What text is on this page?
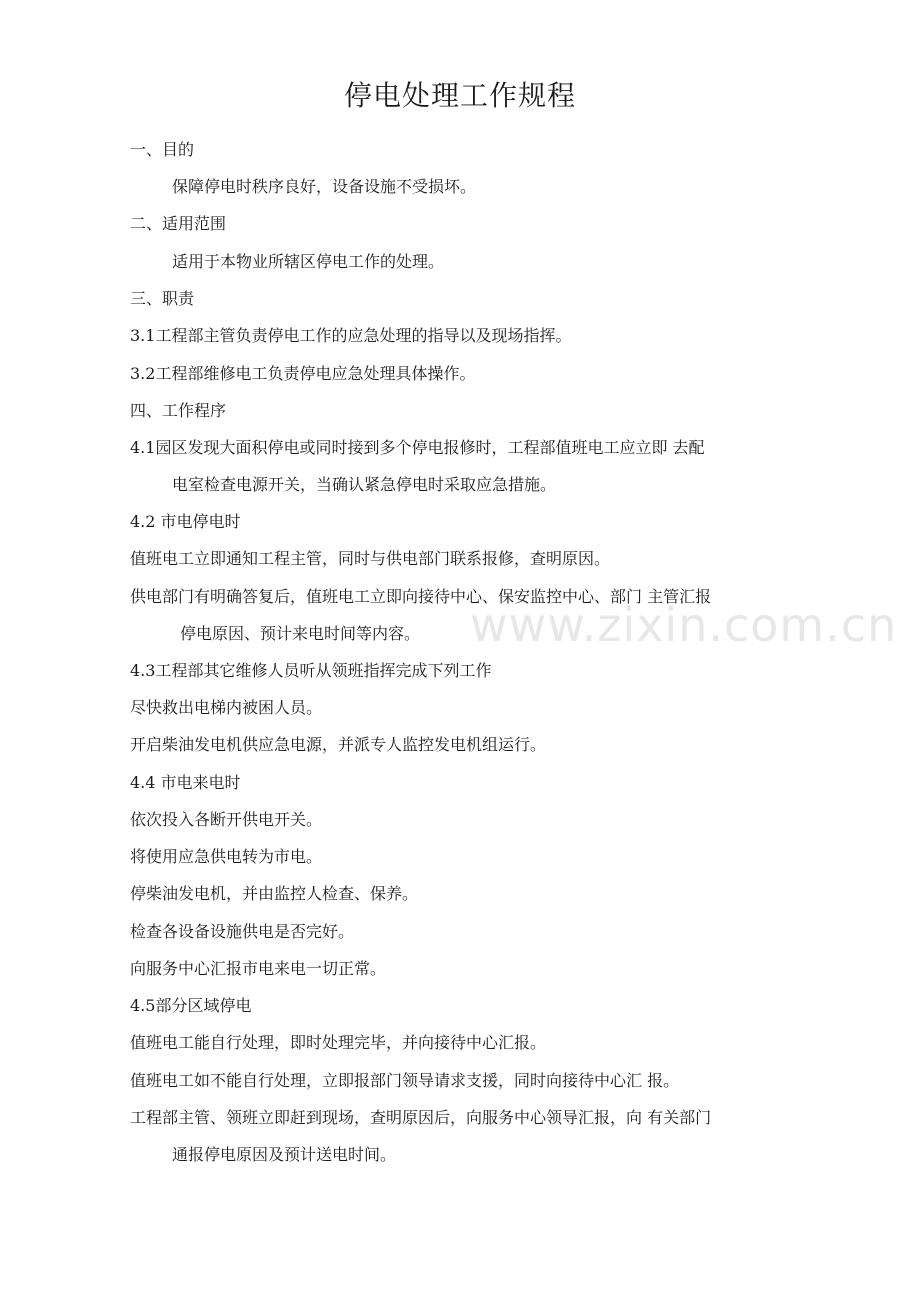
www.zixin.com.cn
停电处理工作规程
一、目的
保障停电时秩序良好，设备设施不受损坏。
二、适用范围
适用于本物业所辖区停电工作的处理。
三、职责
3.1工程部主管负责停电工作的应急处理的指导以及现场指挥。
3.2工程部维修电工负责停电应急处理具体操作。
四、工作程序
4.1园区发现大面积停电或同时接到多个停电报修时，工程部值班电工应立即 去配
电室检查电源开关，当确认紧急停电时采取应急措施。
4.2 市电停电时
值班电工立即通知工程主管，同时与供电部门联系报修，查明原因。
供电部门有明确答复后，值班电工立即向接待中心、保安监控中心、部门 主管汇报
停电原因、预计来电时间等内容。
4.3工程部其它维修人员听从领班指挥完成下列工作
尽快救出电梯内被困人员。
开启柴油发电机供应急电源，并派专人监控发电机组运行。
4.4 市电来电时
依次投入各断开供电开关。
将使用应急供电转为市电。
停柴油发电机，并由监控人检查、保养。
检查各设备设施供电是否完好。
向服务中心汇报市电来电一切正常。
4.5部分区域停电
值班电工能自行处理，即时处理完毕，并向接待中心汇报。
值班电工如不能自行处理，立即报部门领导请求支援，同时向接待中心汇 报。
工程部主管、领班立即赶到现场，查明原因后，向服务中心领导汇报，向 有关部门
通报停电原因及预计送电时间。
